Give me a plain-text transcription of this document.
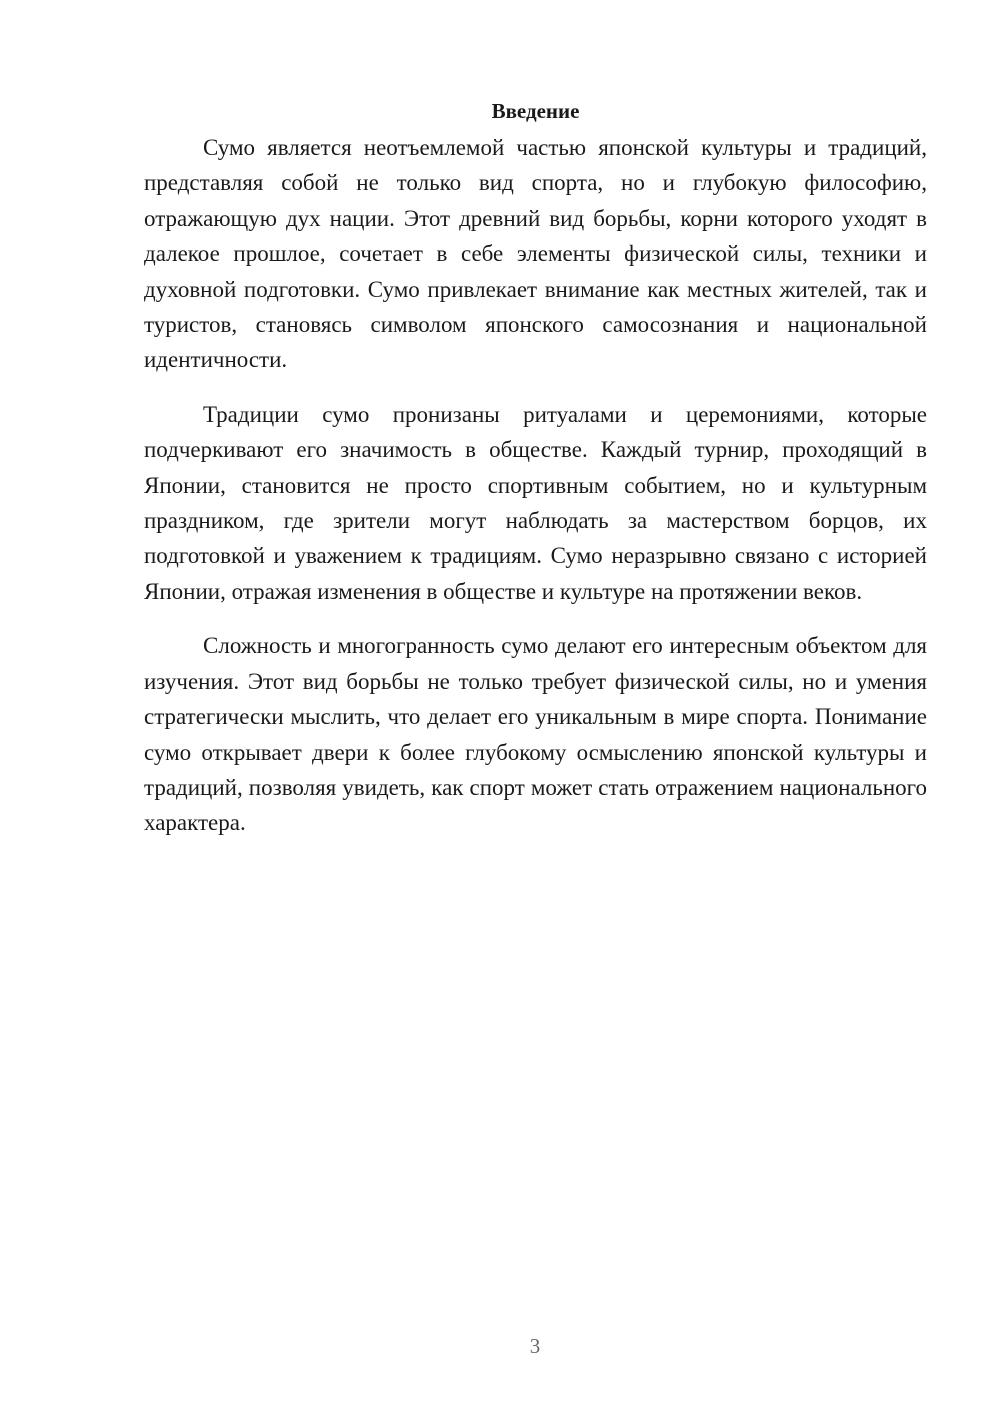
Введение

Сумо является неотъемлемой частью японской культуры и традиций, представляя собой не только вид спорта, но и глубокую философию, отражающую дух нации. Этот древний вид борьбы, корни которого уходят в далекое прошлое, сочетает в себе элементы физической силы, техники и духовной подготовки. Сумо привлекает внимание как местных жителей, так и туристов, становясь символом японского самосознания и национальной идентичности.

Традиции сумо пронизаны ритуалами и церемониями, которые подчеркивают его значимость в обществе. Каждый турнир, проходящий в Японии, становится не просто спортивным событием, но и культурным праздником, где зрители могут наблюдать за мастерством борцов, их подготовкой и уважением к традициям. Сумо неразрывно связано с историей Японии, отражая изменения в обществе и культуре на протяжении веков.

Сложность и многогранность сумо делают его интересным объектом для изучения. Этот вид борьбы не только требует физической силы, но и умения стратегически мыслить, что делает его уникальным в мире спорта. Понимание сумо открывает двери к более глубокому осмыслению японской культуры и традиций, позволяя увидеть, как спорт может стать отражением национального характера.

3
